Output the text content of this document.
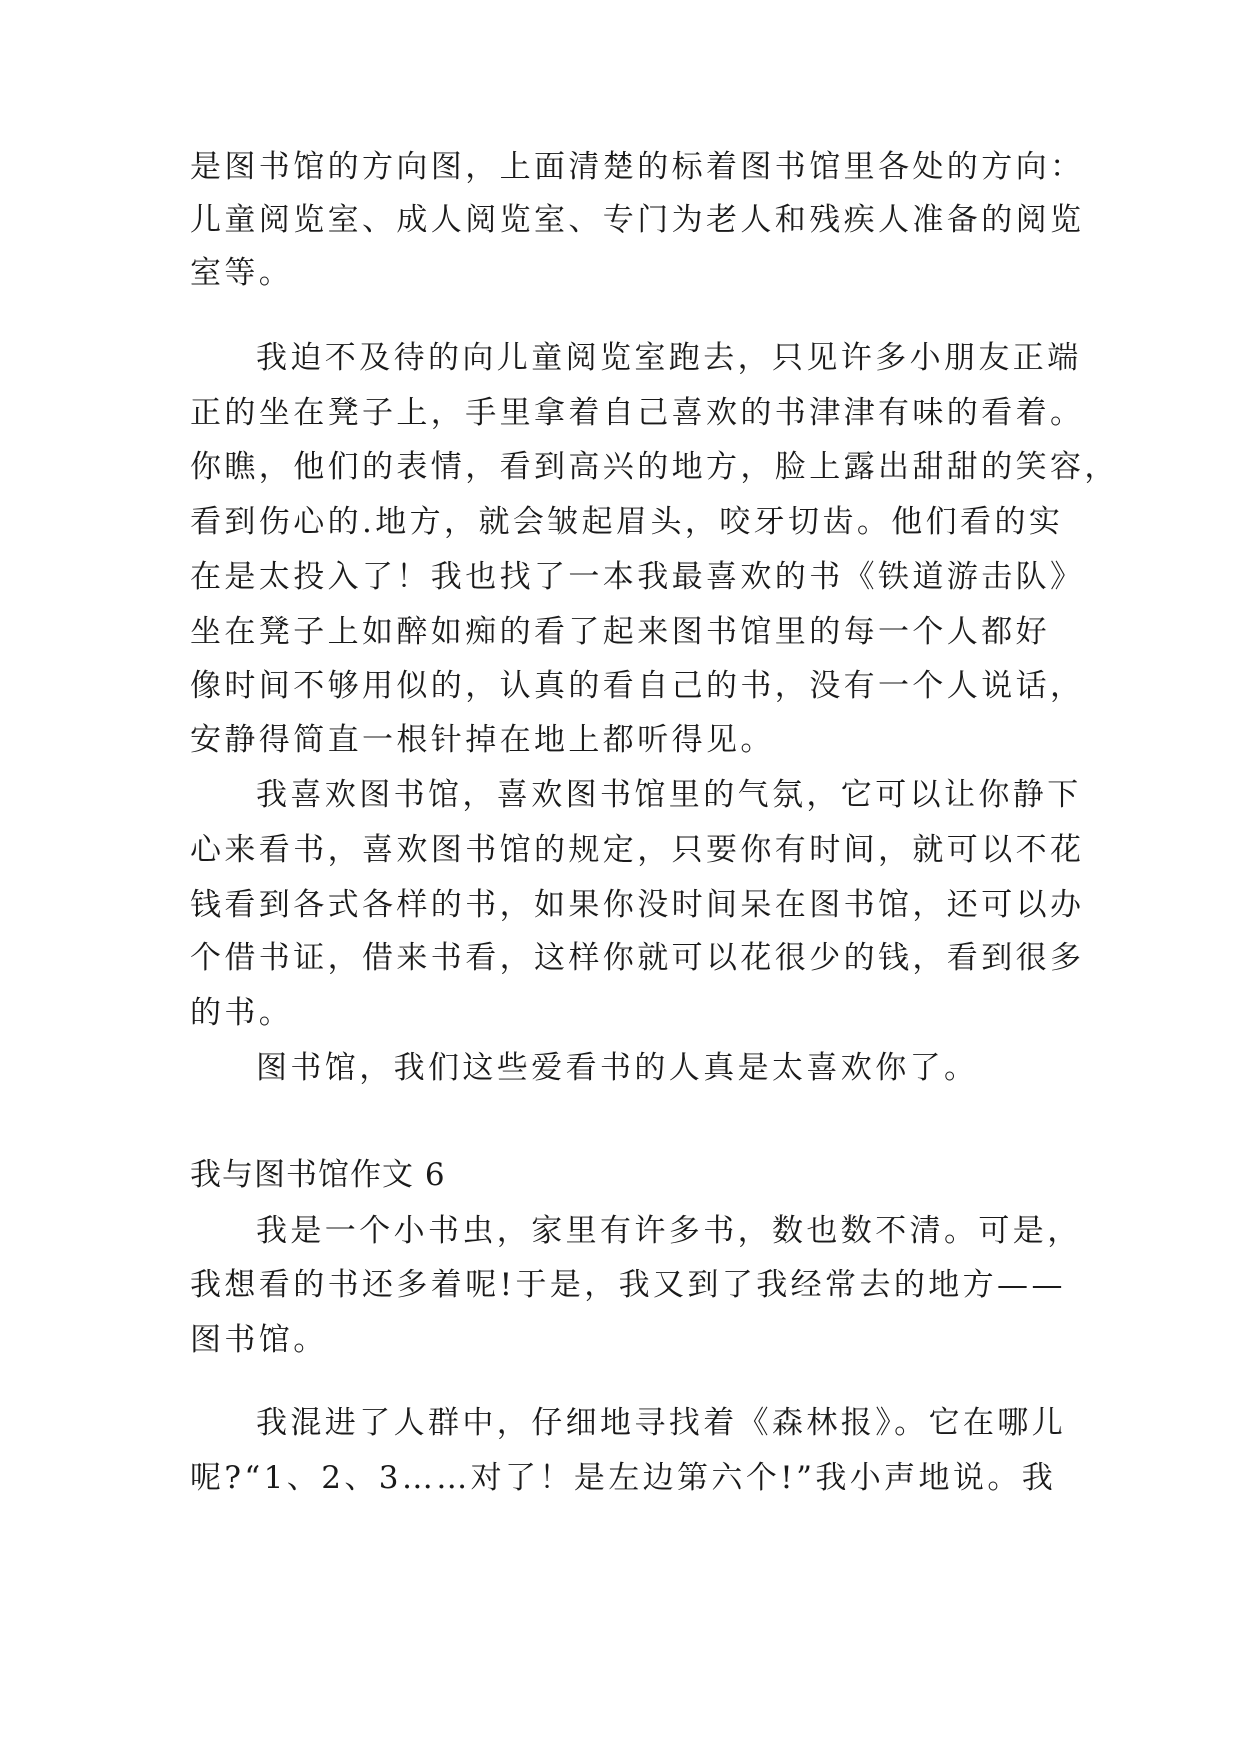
是图书馆的方向图，上面清楚的标着图书馆里各处的方向：
儿童阅览室、成人阅览室、专门为老人和残疾人准备的阅览
室等。
我迫不及待的向儿童阅览室跑去，只见许多小朋友正端
正的坐在凳子上，手里拿着自己喜欢的书津津有味的看着。
你瞧，他们的表情，看到高兴的地方，脸上露出甜甜的笑容，
看到伤心的.地方，就会皱起眉头，咬牙切齿。他们看的实
在是太投入了！我也找了一本我最喜欢的书《铁道游击队》
坐在凳子上如醉如痴的看了起来图书馆里的每一个人都好
像时间不够用似的，认真的看自己的书，没有一个人说话，
安静得简直一根针掉在地上都听得见。
我喜欢图书馆，喜欢图书馆里的气氛，它可以让你静下
心来看书，喜欢图书馆的规定，只要你有时间，就可以不花
钱看到各式各样的书，如果你没时间呆在图书馆，还可以办
个借书证，借来书看，这样你就可以花很少的钱，看到很多
的书。
图书馆，我们这些爱看书的人真是太喜欢你了。
我与图书馆作文 6
我是一个小书虫，家里有许多书，数也数不清。可是，
我想看的书还多着呢!于是，我又到了我经常去的地方——
图书馆。
我混进了人群中，仔细地寻找着《森林报》。它在哪儿
呢?“1、2、3……对了！是左边第六个!”我小声地说。我
